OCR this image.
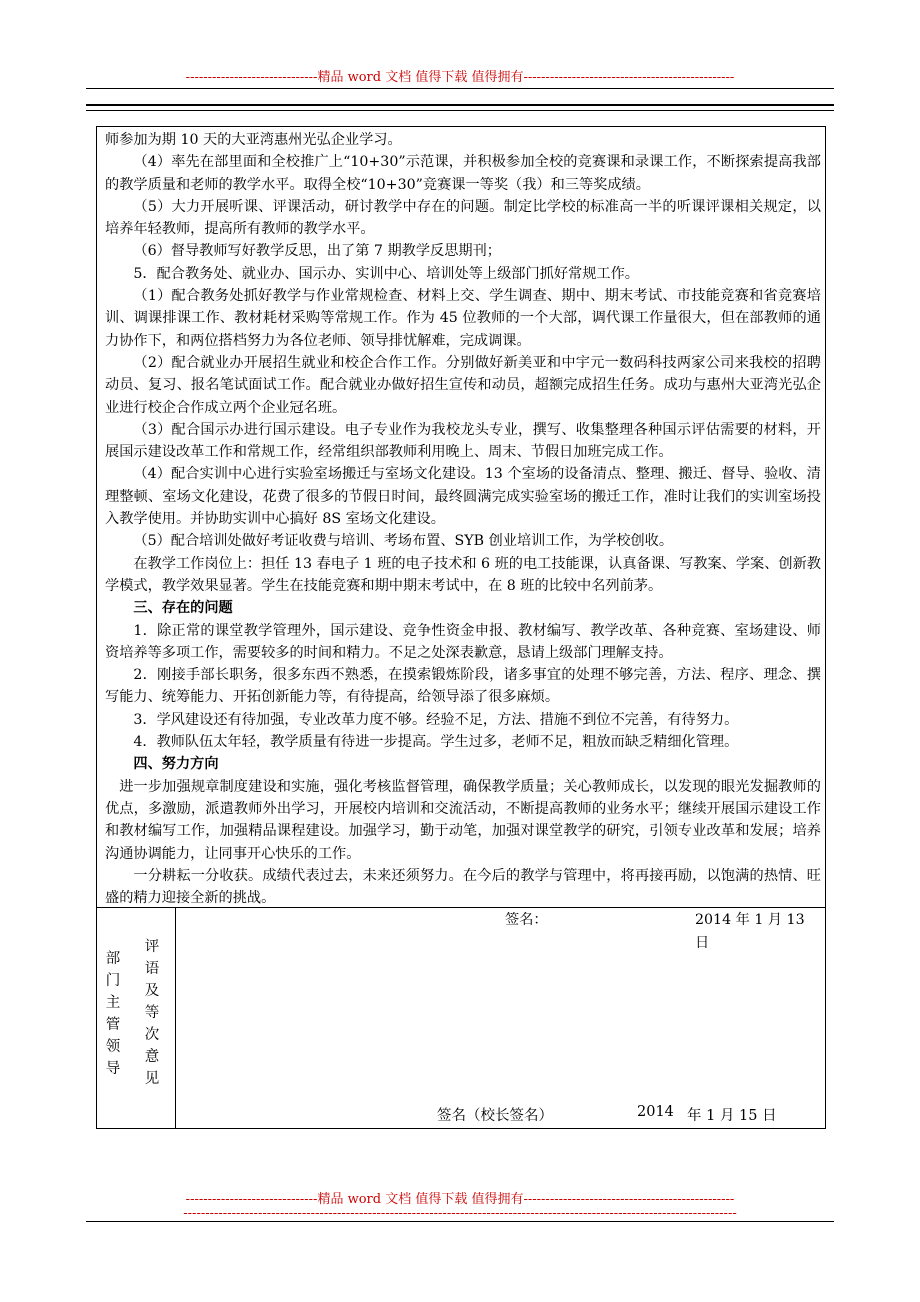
------------------------------精品 word 文档 值得下载 值得拥有------------------------------------------------

师参加为期 10 天的大亚湾惠州光弘企业学习。

（4）率先在部里面和全校推广上“10+30”示范课，并积极参加全校的竞赛课和录课工作，不断探索提高我部的教学质量和老师的教学水平。取得全校“10+30”竞赛课一等奖（我）和三等奖成绩。

（5）大力开展听课、评课活动，研讨教学中存在的问题。制定比学校的标准高一半的听课评课相关规定，以培养年轻教师，提高所有教师的教学水平。

（6）督导教师写好教学反思，出了第 7 期教学反思期刊；

5．配合教务处、就业办、国示办、实训中心、培训处等上级部门抓好常规工作。

（1）配合教务处抓好教学与作业常规检查、材料上交、学生调查、期中、期末考试、市技能竞赛和省竞赛培训、调课排课工作、教材耗材采购等常规工作。作为 45 位教师的一个大部，调代课工作量很大，但在部教师的通力协作下，和两位搭档努力为各位老师、领导排忧解难，完成调课。

（2）配合就业办开展招生就业和校企合作工作。分别做好新美亚和中宇元一数码科技两家公司来我校的招聘动员、复习、报名笔试面试工作。配合就业办做好招生宣传和动员，超额完成招生任务。成功与惠州大亚湾光弘企业进行校企合作成立两个企业冠名班。

（3）配合国示办进行国示建设。电子专业作为我校龙头专业，撰写、收集整理各种国示评估需要的材料，开展国示建设改革工作和常规工作，经常组织部教师利用晚上、周末、节假日加班完成工作。

（4）配合实训中心进行实验室场搬迁与室场文化建设。13 个室场的设备清点、整理、搬迁、督导、验收、清理整顿、室场文化建设，花费了很多的节假日时间，最终圆满完成实验室场的搬迁工作，准时让我们的实训室场投入教学使用。并协助实训中心搞好 8S 室场文化建设。

（5）配合培训处做好考证收费与培训、考场布置、SYB 创业培训工作，为学校创收。

在教学工作岗位上：担任 13 春电子 1 班的电子技术和 6 班的电工技能课，认真备课、写教案、学案、创新教学模式，教学效果显著。学生在技能竞赛和期中期末考试中，在 8 班的比较中名列前茅。

三、存在的问题

1．除正常的课堂教学管理外，国示建设、竞争性资金申报、教材编写、教学改革、各种竞赛、室场建设、师资培养等多项工作，需要较多的时间和精力。不足之处深表歉意，恳请上级部门理解支持。

2．刚接手部长职务，很多东西不熟悉，在摸索锻炼阶段，诸多事宜的处理不够完善，方法、程序、理念、撰写能力、统筹能力、开拓创新能力等，有待提高，给领导添了很多麻烦。

3．学风建设还有待加强，专业改革力度不够。经验不足，方法、措施不到位不完善，有待努力。

4．教师队伍太年轻，教学质量有待进一步提高。学生过多，老师不足，粗放而缺乏精细化管理。

四、努力方向

进一步加强规章制度建设和实施，强化考核监督管理，确保教学质量；关心教师成长，以发现的眼光发掘教师的优点，多激励，派遣教师外出学习，开展校内培训和交流活动，不断提高教师的业务水平；继续开展国示建设工作和教材编写工作，加强精品课程建设。加强学习，勤于动笔，加强对课堂教学的研究，引领专业改革和发展；培养沟通协调能力，让同事开心快乐的工作。

一分耕耘一分收获。成绩代表过去，未来还须努力。在今后的教学与管理中，将再接再励，以饱满的热情、旺盛的精力迎接全新的挑战。

签名：	2014 年 1 月 13 日
部
门
主
管
领
导
评
语
及
等
次
意
见
签名（校长签名）	2014 年 1 月 15 日
------------------------------精品 word 文档 值得下载 值得拥有------------------------------------------------
------------------------------------------------------------------------------------------------------------------------------
